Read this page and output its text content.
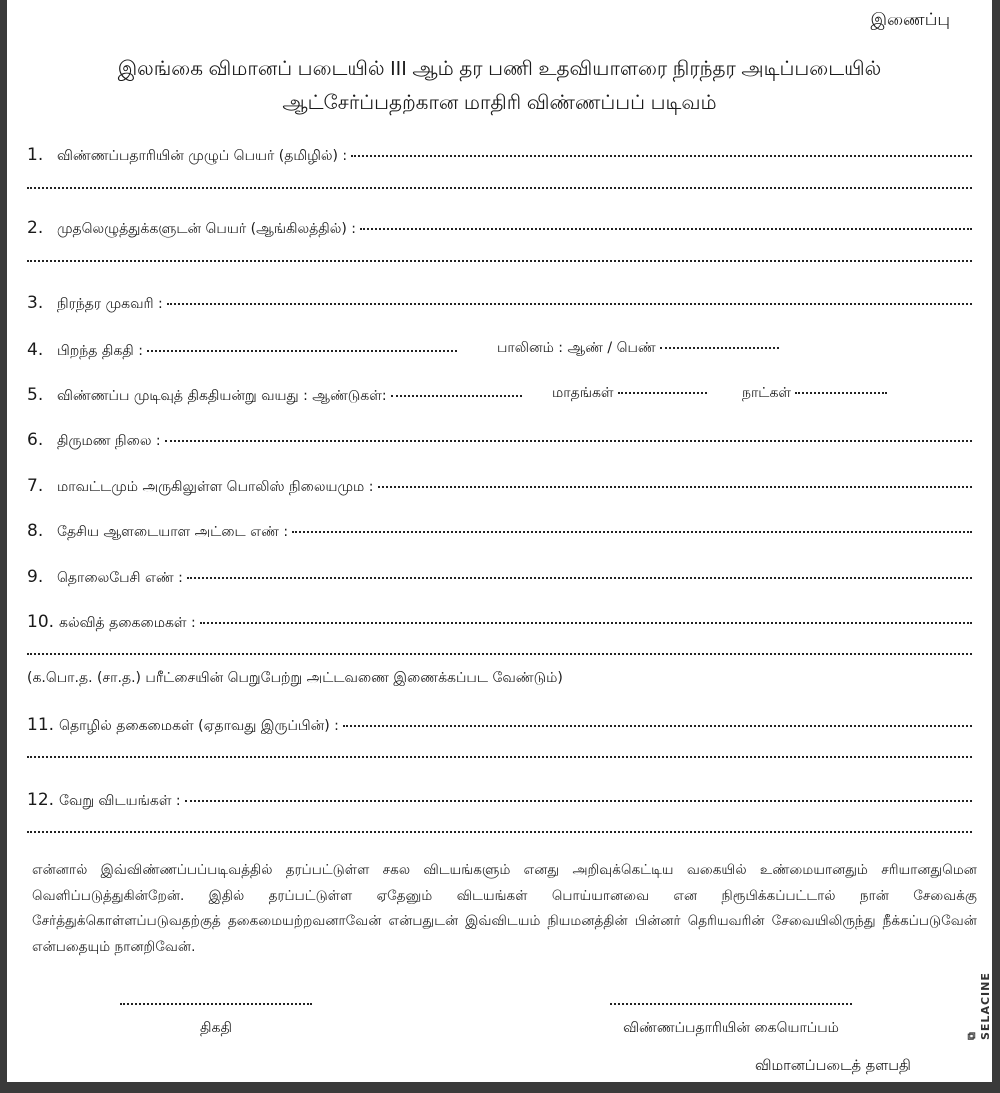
இணைப்பு
இலங்கை விமானப் படையில் III ஆம் தர பணி உதவியாளரை நிரந்தர அடிப்படையில்
ஆட்சேர்ப்பதற்கான மாதிரி விண்ணப்பப் படிவம்
1. விண்ணப்பதாரியின் முழுப் பெயர் (தமிழில்) :
2. முதலெழுத்துக்களுடன் பெயர் (ஆங்கிலத்தில்) :
3. நிரந்தர முகவரி :
4. பிறந்த திகதி :	பாலினம் : ஆண் / பெண்
5. விண்ணப்ப முடிவுத் திகதியன்று வயது : ஆண்டுகள்:	மாதங்கள்	நாட்கள்
6. திருமண நிலை :
7. மாவட்டமும் அருகிலுள்ள பொலிஸ் நிலையமும :
8. தேசிய ஆளடையாள அட்டை எண் :
9. தொலைபேசி எண் :
10. கல்வித் தகைமைகள் :
(க.பொ.த. (சா.த.) பரீட்சையின் பெறுபேற்று அட்டவணை இணைக்கப்பட வேண்டும்)
11. தொழில் தகைமைகள் (ஏதாவது இருப்பின்) :
12. வேறு விடயங்கள் :

என்னால் இவ்விண்ணப்பப்படிவத்தில் தரப்பட்டுள்ள சகல விடயங்களும் எனது அறிவுக்கெட்டிய வகையில் உண்மையானதும் சரியானதுமென வெளிப்படுத்துகின்றேன். இதில் தரப்பட்டுள்ள ஏதேனும் விடயங்கள் பொய்யானவை என நிரூபிக்கப்பட்டால் நான் சேவைக்கு சேர்த்துக்கொள்ளப்படுவதற்குத் தகைமையற்றவனாவேன் என்பதுடன் இவ்விடயம் நியமனத்தின் பின்னர் தெரியவரின் சேவையிலிருந்து நீக்கப்படுவேன் என்பதையும் நானறிவேன்.

திகதி	விண்ணப்பதாரியின் கையொப்பம்
விமானப்படைத் தளபதி
⧉ SELACINE
